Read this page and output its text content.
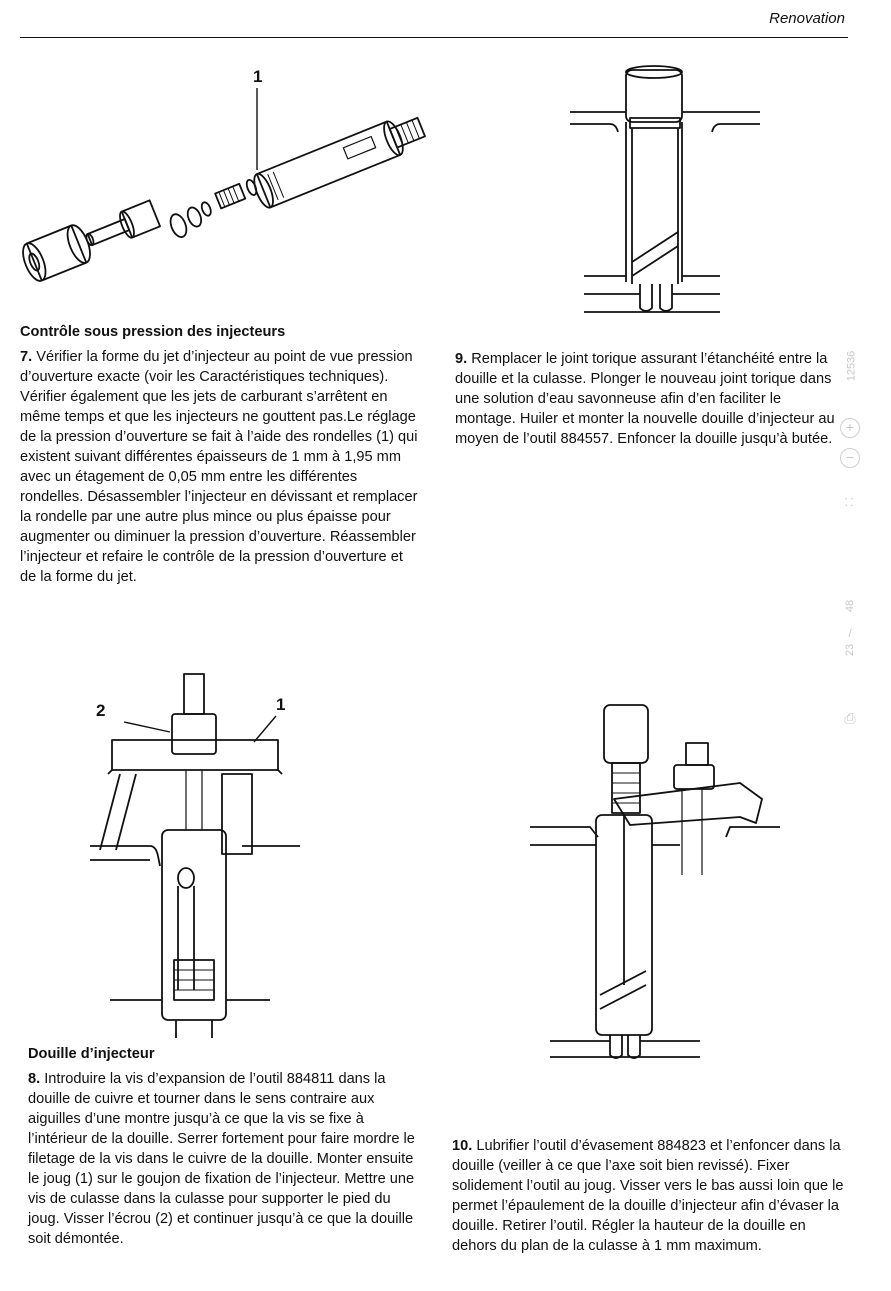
Renovation
1

Contrôle sous pression des injecteurs

7. Vérifier la forme du jet d’injecteur au point de vue pression d’ouverture exacte (voir les Caractéristiques techniques). Vérifier également que les jets de carburant s’arrêtent en même temps et que les injecteurs ne gouttent pas.Le réglage de la pression d’ouverture se fait à l’aide des rondelles (1) qui existent suivant différentes épaisseurs de 1 mm à 1,95 mm avec un étagement de 0,05 mm entre les différentes rondelles. Désassembler l’injecteur en dévissant et remplacer la rondelle par une autre plus mince ou plus épaisse pour augmenter ou diminuer la pression d’ouverture. Réassembler l’injecteur et refaire le contrôle de la pression d’ouverture et de la forme du jet.

9. Remplacer le joint torique assurant l’étanchéité entre la douille et la culasse. Plonger le nouveau joint torique dans une solution d’eau savonneuse afin d’en faciliter le montage. Huiler et monter la nouvelle douille d’injecteur au moyen de l’outil 884557. Enfoncer la douille jusqu’à butée.

2	1

Douille d’injecteur

8. Introduire la vis d’expansion de l’outil 884811 dans la douille de cuivre et tourner dans le sens contraire aux aiguilles d’une montre jusqu’à ce que la vis se fixe à l’intérieur de la douille. Serrer fortement pour faire mordre le filetage de la vis dans le cuivre de la douille. Monter ensuite le joug (1) sur le goujon de fixation de l’injecteur. Mettre une vis de culasse dans la culasse pour supporter le pied du joug. Visser l’écrou (2) et continuer jusqu’à ce que la douille soit démontée.

10. Lubrifier l’outil d’évasement 884823 et l’enfoncer dans la douille (veiller à ce que l’axe soit bien revissé). Fixer solidement l’outil au joug. Visser vers le bas aussi loin que le permet l’épaulement de la douille d’injecteur afin d’évaser la douille. Retirer l’outil. Régler la hauteur de la douille en dehors du plan de la culasse à 1 mm maximum.

12536
+
−
⁚⁚
48
/
23
⎙
